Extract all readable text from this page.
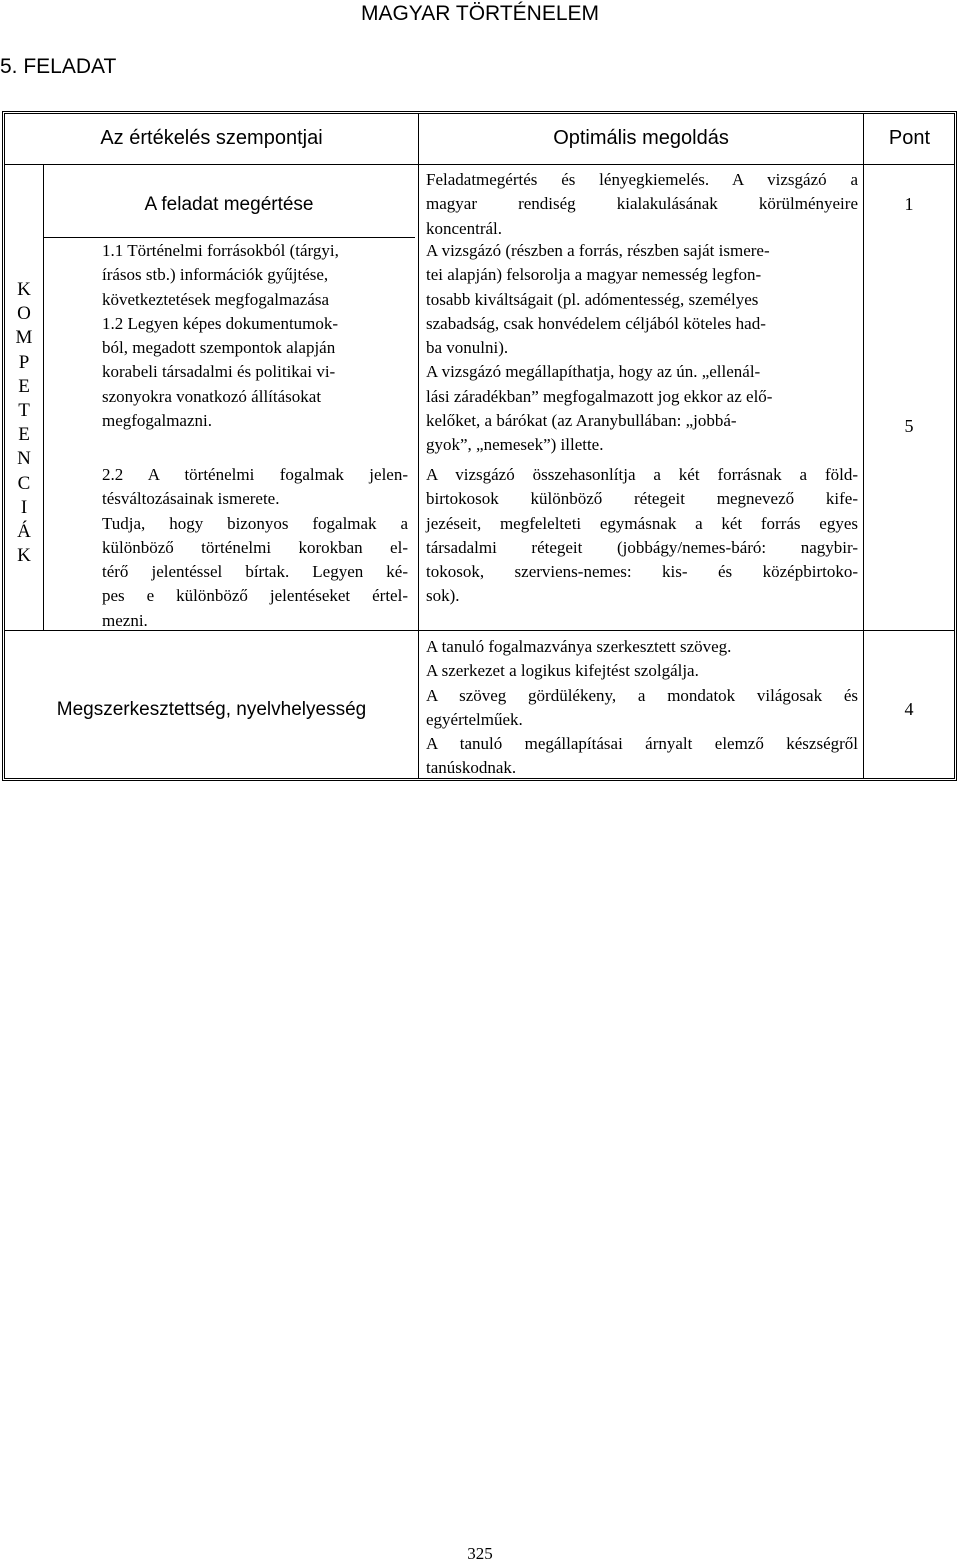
MAGYAR TÖRTÉNELEM
5. FELADAT
Az értékelés szempontjai	Optimális megoldás	Pont
K
O
M
P
E
T
E
N
C
I
Á
K
A feladat megértése
Feladatmegértés és lényegkiemelés. A vizsgázó a
magyar rendiség kialakulásának körülményeire
koncentrál.
1
1.1 Történelmi forrásokból (tárgyi,
írásos stb.) információk gyűjtése,
következtetések megfogalmazása
1.2 Legyen képes dokumentumok-
ból, megadott szempontok alapján
korabeli társadalmi és politikai vi-
szonyokra vonatkozó állításokat
megfogalmazni.
2.2 A történelmi fogalmak jelen-
tésváltozásainak ismerete.
Tudja, hogy bizonyos fogalmak a
különböző történelmi korokban el-
térő jelentéssel bírtak. Legyen ké-
pes e különböző jelentéseket értel-
mezni.
A vizsgázó (részben a forrás, részben saját ismere-
tei alapján) felsorolja a magyar nemesség legfon-
tosabb kiváltságait (pl. adómentesség, személyes
szabadság, csak honvédelem céljából köteles had-
ba vonulni).
A vizsgázó megállapíthatja, hogy az ún. „ellenál-
lási záradékban” megfogalmazott jog ekkor az elő-
kelőket, a bárókat (az Aranybullában: „jobbá-
gyok”, „nemesek”) illette.
A vizsgázó összehasonlítja a két forrásnak a föld-
birtokosok különböző rétegeit megnevező kife-
jezéseit, megfelelteti egymásnak a két forrás egyes
társadalmi rétegeit (jobbágy/nemes-báró: nagybir-
tokosok, szerviens-nemes: kis- és középbirtoko-
sok).
5
Megszerkesztettség, nyelvhelyesség
A tanuló fogalmazványa szerkesztett szöveg.
A szerkezet a logikus kifejtést szolgálja.
A szöveg gördülékeny, a mondatok világosak és
egyértelműek.
A tanuló megállapításai árnyalt elemző készségről
tanúskodnak.
4
325
